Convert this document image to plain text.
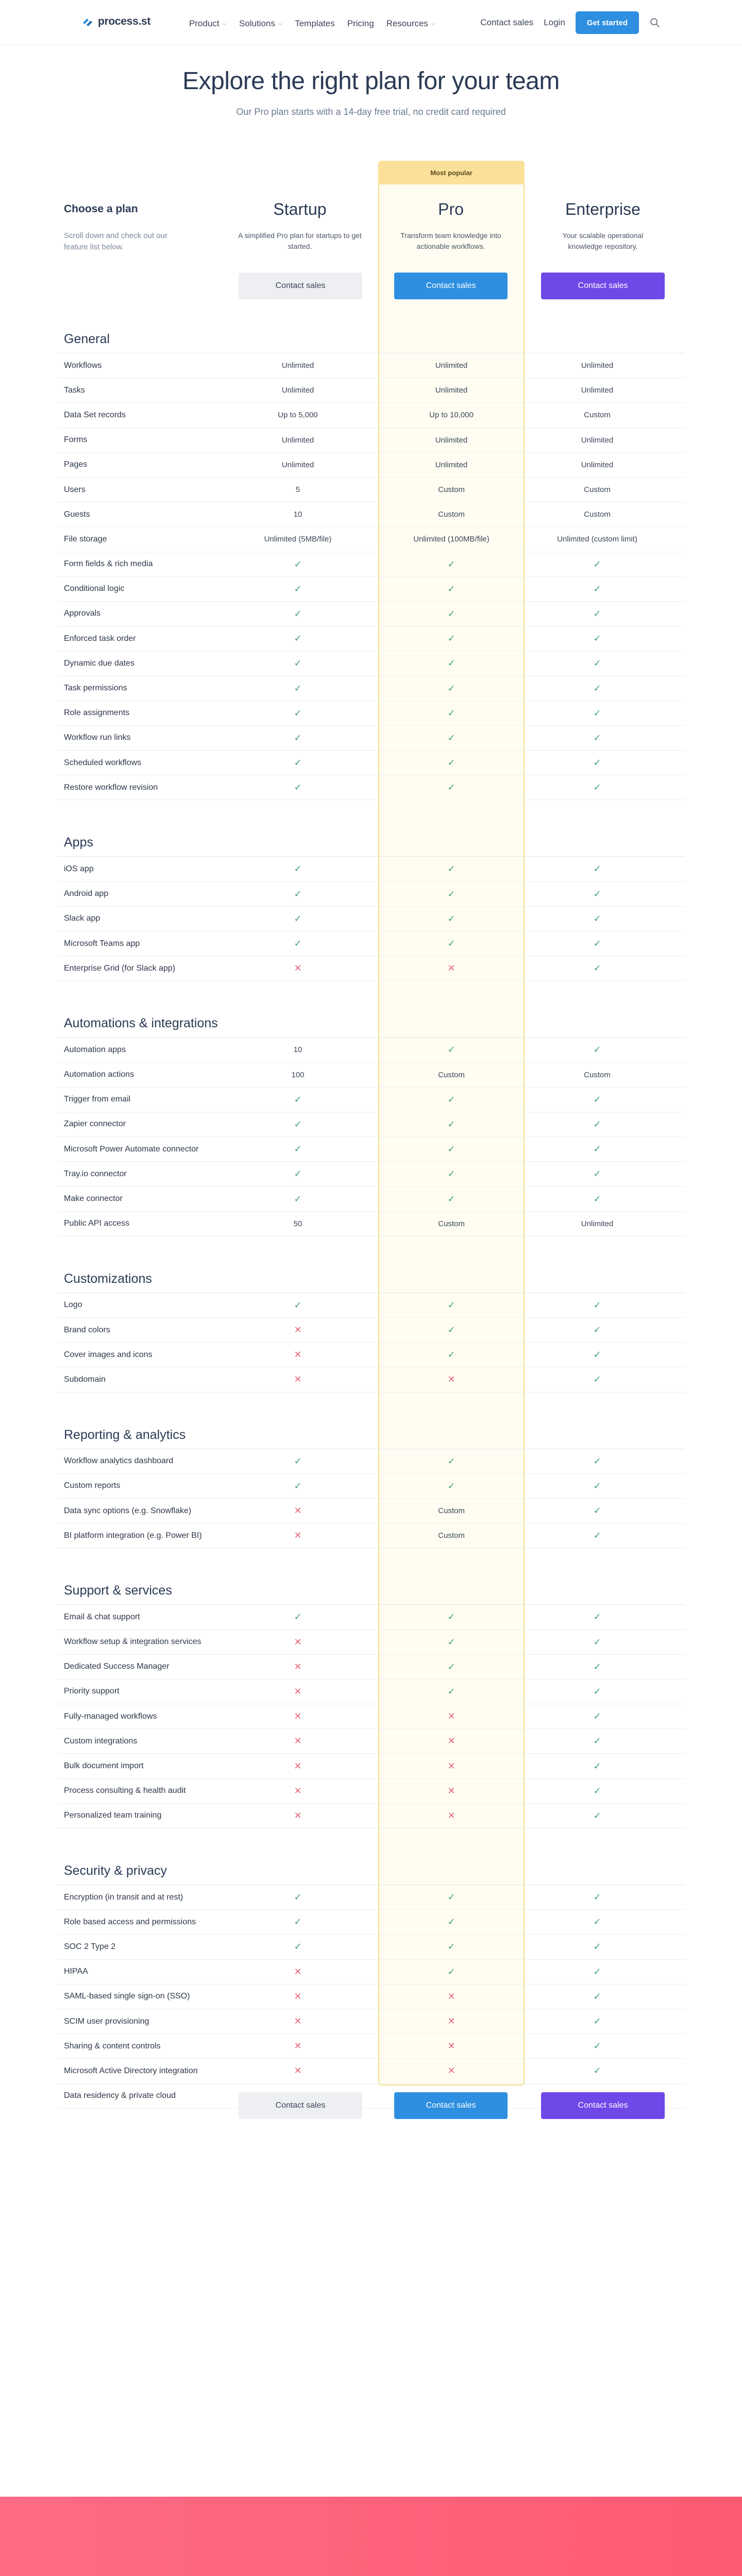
process.st	Product ⌵ Solutions ⌵ Templates Pricing Resources ⌵	Contact sales Login	Get started
Explore the right plan for your team

Our Pro plan starts with a 14-day free trial, no credit card required

Most popular
Choose a plan
Scroll down and check out our feature list below.
Startup
A simplified Pro plan for startups to get started.
Pro
Transform team knowledge into actionable workflows.
Enterprise
Your scalable operational knowledge repository.
Contact sales	Contact sales	Contact sales
General
Workflows	Unlimited	Unlimited	Unlimited
Tasks	Unlimited	Unlimited	Unlimited
Data Set records	Up to 5,000	Up to 10,000	Custom
Forms	Unlimited	Unlimited	Unlimited
Pages	Unlimited	Unlimited	Unlimited
Users	5	Custom	Custom
Guests	10	Custom	Custom
File storage	Unlimited (5MB/file)	Unlimited (100MB/file)	Unlimited (custom limit)
Form fields & rich media	✓	✓	✓
Conditional logic	✓	✓	✓
Approvals	✓	✓	✓
Enforced task order	✓	✓	✓
Dynamic due dates	✓	✓	✓
Task permissions	✓	✓	✓
Role assignments	✓	✓	✓
Workflow run links	✓	✓	✓
Scheduled workflows	✓	✓	✓
Restore workflow revision	✓	✓	✓
Apps
iOS app	✓	✓	✓
Android app	✓	✓	✓
Slack app	✓	✓	✓
Microsoft Teams app	✓	✓	✓
Enterprise Grid (for Slack app)	✕	✕	✓
Automations & integrations
Automation apps	10	✓	✓
Automation actions	100	Custom	Custom
Trigger from email	✓	✓	✓
Zapier connector	✓	✓	✓
Microsoft Power Automate connector	✓	✓	✓
Tray.io connector	✓	✓	✓
Make connector	✓	✓	✓
Public API access	50	Custom	Unlimited
Customizations
Logo	✓	✓	✓
Brand colors	✕	✓	✓
Cover images and icons	✕	✓	✓
Subdomain	✕	✕	✓
Reporting & analytics
Workflow analytics dashboard	✓	✓	✓
Custom reports	✓	✓	✓
Data sync options (e.g. Snowflake)	✕	Custom	✓
BI platform integration (e.g. Power BI)	✕	Custom	✓
Support & services
Email & chat support	✓	✓	✓
Workflow setup & integration services	✕	✓	✓
Dedicated Success Manager	✕	✓	✓
Priority support	✕	✓	✓
Fully-managed workflows	✕	✕	✓
Custom integrations	✕	✕	✓
Bulk document import	✕	✕	✓
Process consulting & health audit	✕	✕	✓
Personalized team training	✕	✕	✓
Security & privacy
Encryption (in transit and at rest)	✓	✓	✓
Role based access and permissions	✓	✓	✓
SOC 2 Type 2	✓	✓	✓
HIPAA	✕	✓	✓
SAML-based single sign-on (SSO)	✕	✕	✓
SCIM user provisioning	✕	✕	✓
Sharing & content controls	✕	✕	✓
Microsoft Active Directory integration	✕	✕	✓
Data residency & private cloud
Contact sales	Contact sales	Contact sales
